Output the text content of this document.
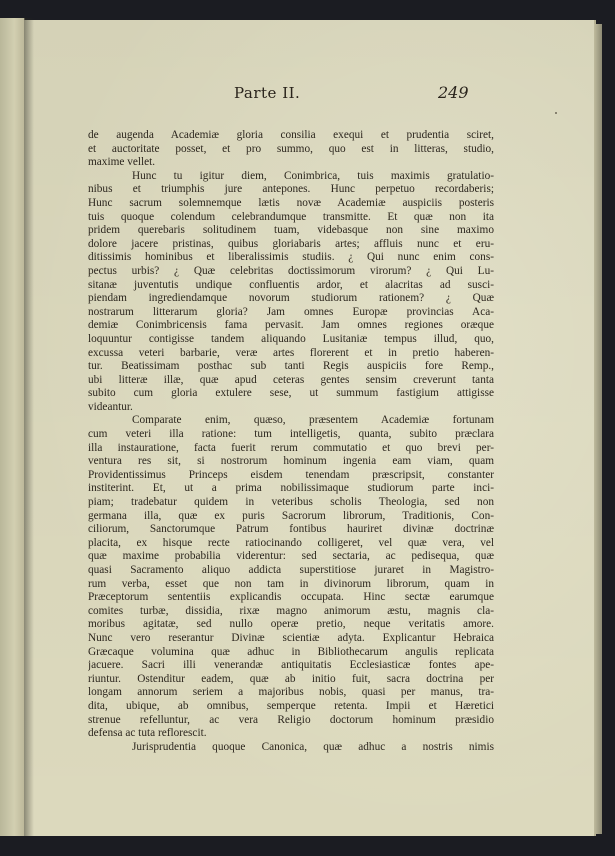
Parte II.	249
de augenda Academiæ gloria consilia exequi et prudentia sciret,
et auctoritate posset, et pro summo, quo est in litteras, studio,
maxime vellet.
Hunc tu igitur diem, Conimbrica, tuis maximis gratulatio-
nibus et triumphis jure antepones. Hunc perpetuo recordaberis;
Hunc sacrum solemnemque lætis novæ Academiæ auspiciis posteris
tuis quoque colendum celebrandumque transmitte. Et quæ non ita
pridem querebaris solitudinem tuam, videbasque non sine maximo
dolore jacere pristinas, quibus gloriabaris artes; affluis nunc et eru-
ditissimis hominibus et liberalissimis studiis. ¿ Qui nunc enim cons-
pectus urbis? ¿ Quæ celebritas doctissimorum virorum? ¿ Qui Lu-
sitanæ juventutis undique confluentis ardor, et alacritas ad susci-
piendam ingrediendamque novorum studiorum rationem? ¿ Quæ
nostrarum litterarum gloria? Jam omnes Europæ provincias Aca-
demiæ Conimbricensis fama pervasit. Jam omnes regiones oræque
loquuntur contigisse tandem aliquando Lusitaniæ tempus illud, quo,
excussa veteri barbarie, veræ artes florerent et in pretio haberen-
tur. Beatissimam posthac sub tanti Regis auspiciis fore Remp.,
ubi litteræ illæ, quæ apud ceteras gentes sensim creverunt tanta
subito cum gloria extulere sese, ut summum fastigium attigisse
videantur.
Comparate enim, quæso, præsentem Academiæ fortunam
cum veteri illa ratione: tum intelligetis, quanta, subito præclara
illa instauratione, facta fuerit rerum commutatio et quo brevi per-
ventura res sit, si nostrorum hominum ingenia eam viam, quam
Providentissimus Princeps eisdem tenendam præscripsit, constanter
institerint. Et, ut a prima nobilissimaque studiorum parte inci-
piam; tradebatur quidem in veteribus scholis Theologia, sed non
germana illa, quæ ex puris Sacrorum librorum, Traditionis, Con-
ciliorum, Sanctorumque Patrum fontibus hauriret divinæ doctrinæ
placita, ex hisque recte ratiocinando colligeret, vel quæ vera, vel
quæ maxime probabilia viderentur: sed sectaria, ac pedisequa, quæ
quasi Sacramento aliquo addicta superstitiose juraret in Magistro-
rum verba, esset que non tam in divinorum librorum, quam in
Præceptorum sententiis explicandis occupata. Hinc sectæ earumque
comites turbæ, dissidia, rixæ magno animorum æstu, magnis cla-
moribus agitatæ, sed nullo operæ pretio, neque veritatis amore.
Nunc vero reserantur Divinæ scientiæ adyta. Explicantur Hebraica
Græcaque volumina quæ adhuc in Bibliothecarum angulis replicata
jacuere. Sacri illi venerandæ antiquitatis Ecclesiasticæ fontes ape-
riuntur. Ostenditur eadem, quæ ab initio fuit, sacra doctrina per
longam annorum seriem a majoribus nobis, quasi per manus, tra-
dita, ubique, ab omnibus, semperque retenta. Impii et Hæretici
strenue refelluntur, ac vera Religio doctorum hominum præsidio
defensa ac tuta reflorescit.
Jurisprudentia quoque Canonica, quæ adhuc a nostris nimis
